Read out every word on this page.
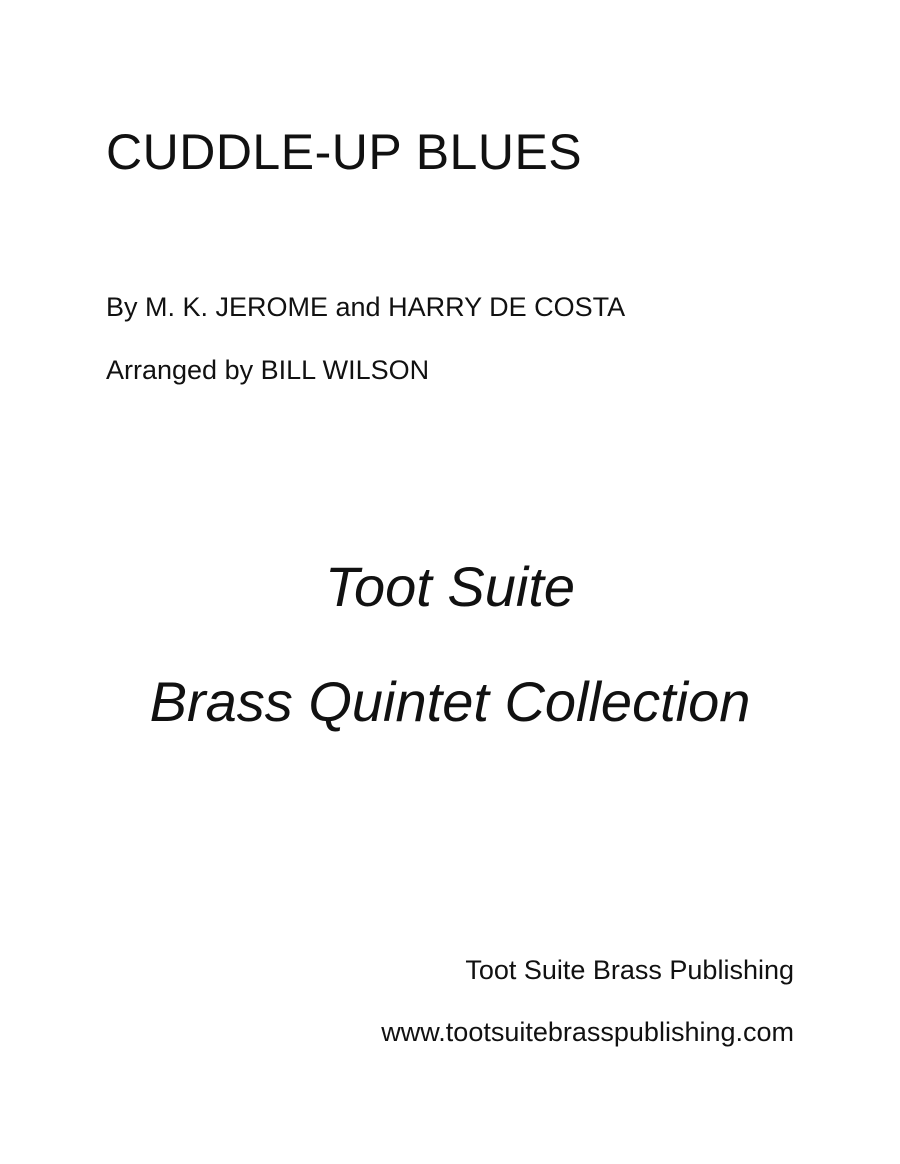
CUDDLE-UP BLUES
By M. K. JEROME and HARRY DE COSTA
Arranged by BILL WILSON
Toot Suite
Brass Quintet Collection
Toot Suite Brass Publishing
www.tootsuitebrasspublishing.com
